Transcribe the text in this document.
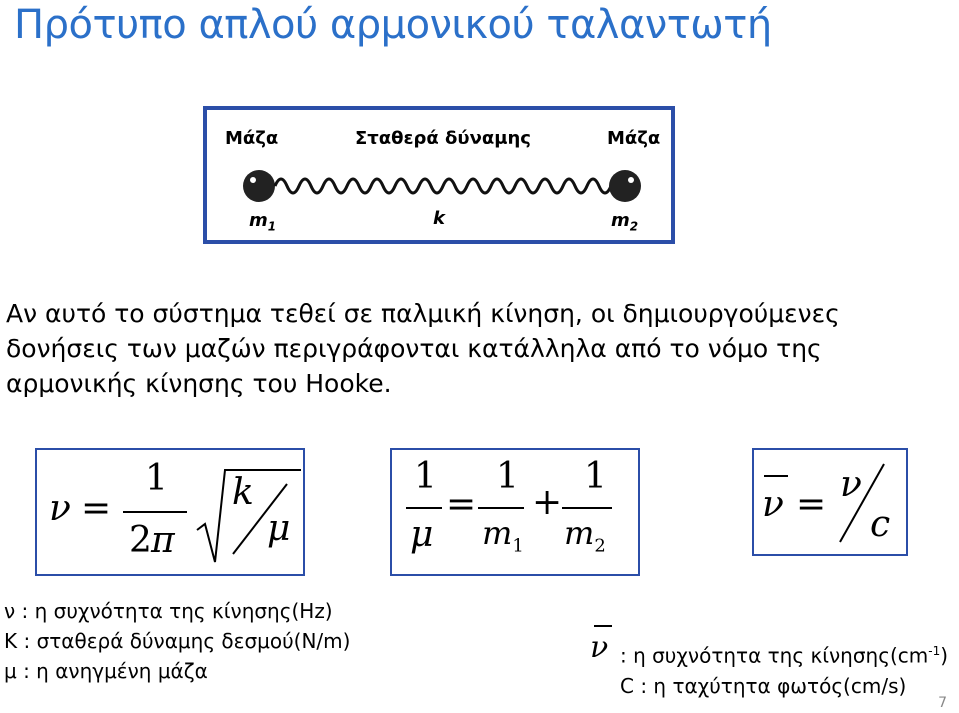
Πρότυπο απλού αρμονικού ταλαντωτή
Μάζα	Σταθερά δύναμης	Μάζα
$m_1$	k	$m_2$
Αν αυτό το σύστημα τεθεί σε παλμική κίνηση, οι δημιουργούμενες δονήσεις των μαζών περιγράφονται κατάλληλα από το νόμο της αρμονικής κίνησης του Hooke.
ν =
1
2 π
k
μ
1
μ
=
1
$m_1$
+
1
$m_2$
ν = ν
c
ν : η συχνότητα της κίνησης(Hz)
K : σταθερά δύναμης δεσμού(N/m)
μ : η ανηγμένη μάζα
ν : η συχνότητα της $\kappa ί\nu\eta\sigma\eta\varsigma(cm^{-1})$
C : η ταχύτητα φωτός(cm/s)
7
